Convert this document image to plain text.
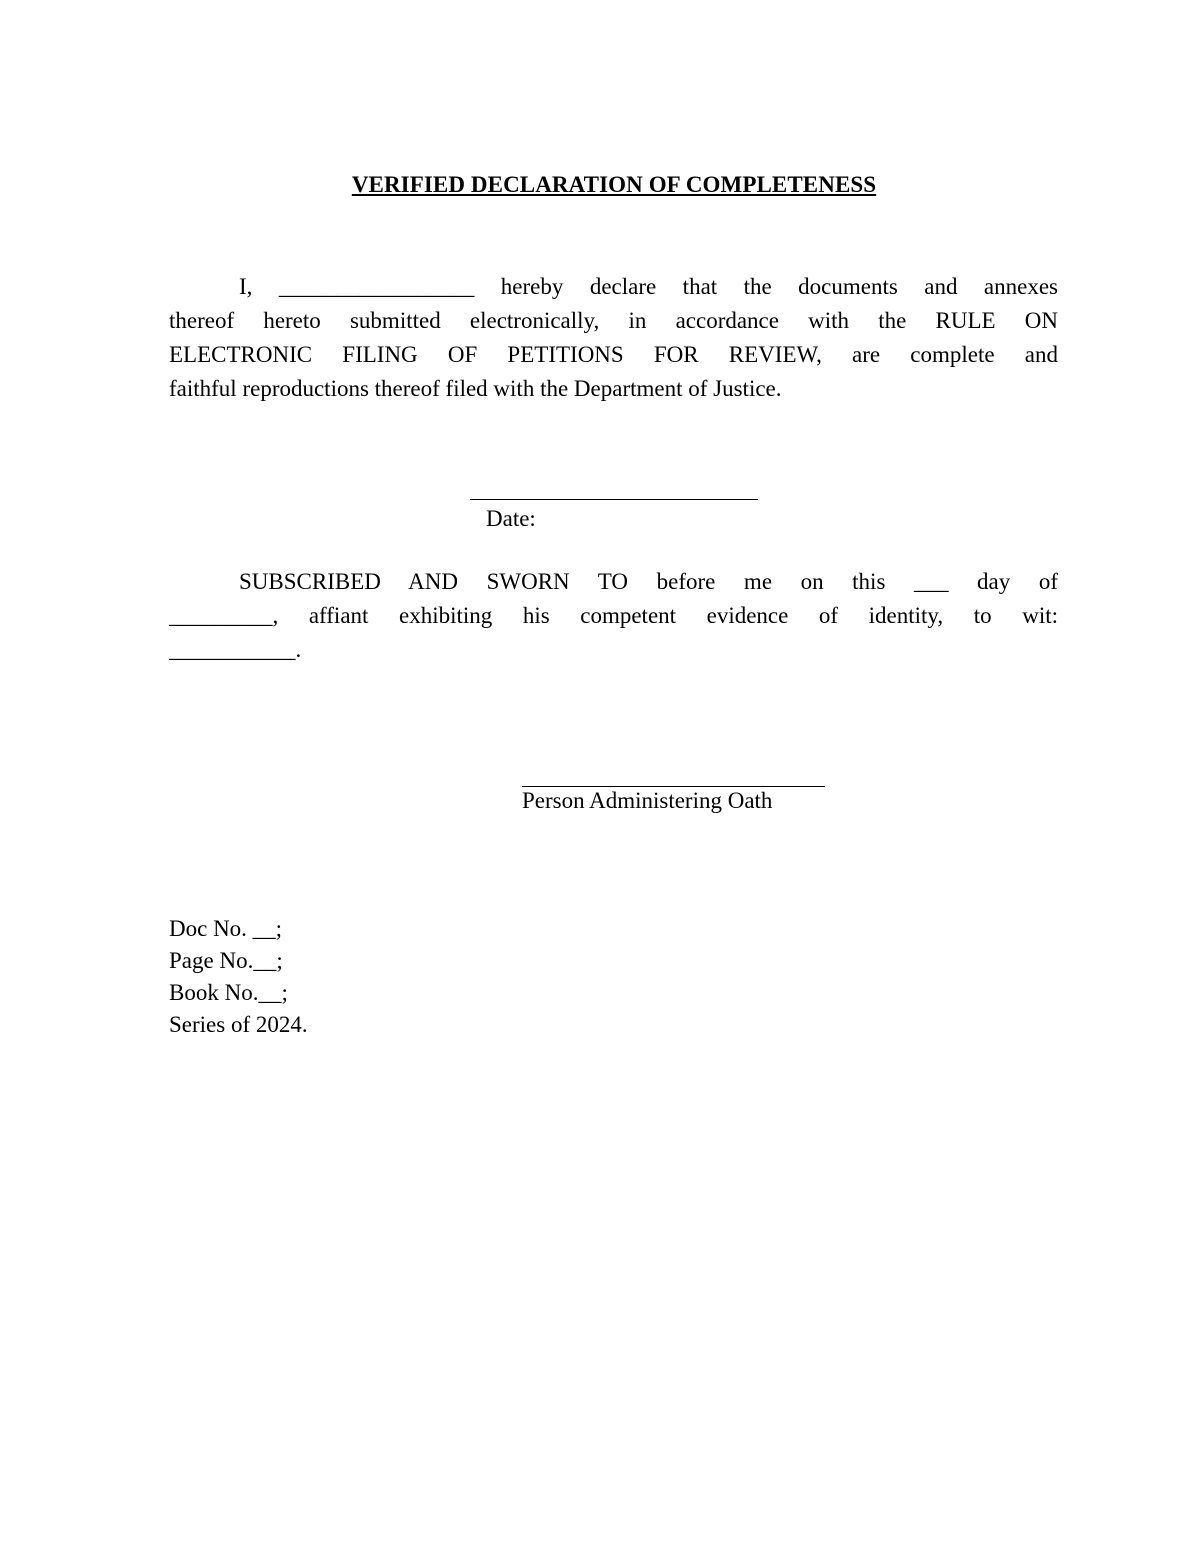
VERIFIED DECLARATION OF COMPLETENESS
I, _________________ hereby declare that the documents and annexes
thereof hereto submitted electronically, in accordance with the RULE ON
ELECTRONIC FILING OF PETITIONS FOR REVIEW, are complete and
faithful reproductions thereof filed with the Department of Justice.
Date:
SUBSCRIBED AND SWORN TO before me on this ___ day of
_________, affiant exhibiting his competent evidence of identity, to wit:
___________.
Person Administering Oath
Doc No. __;
Page No.__;
Book No.__;
Series of 2024.
